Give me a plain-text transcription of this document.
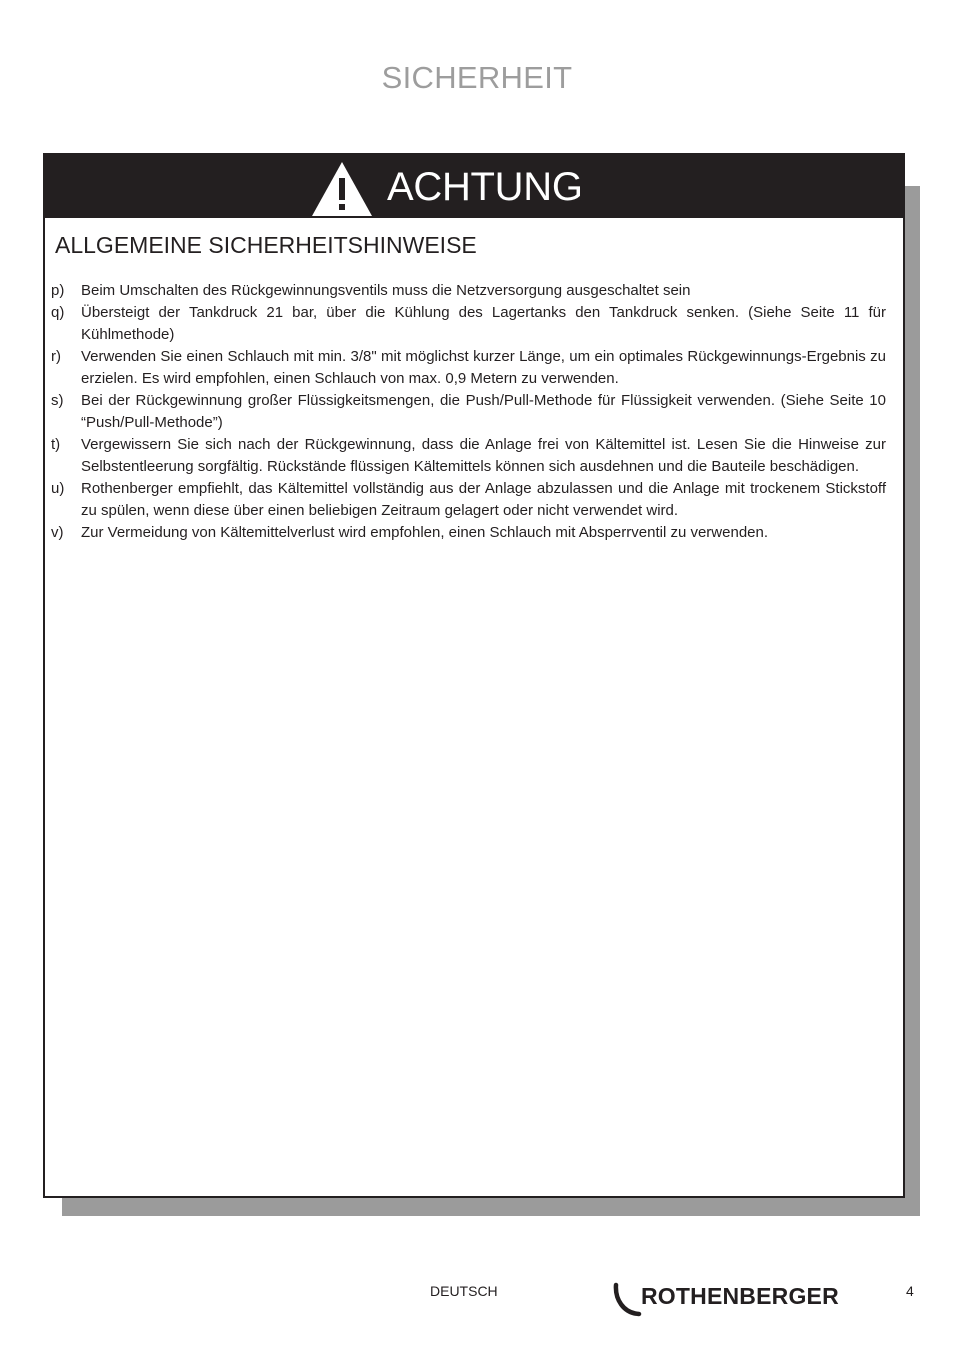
SICHERHEIT
ACHTUNG
ALLGEMEINE SICHERHEITSHINWEISE
p) Beim Umschalten des Rückgewinnungsventils muss die Netzversorgung ausgeschaltet sein
q) Übersteigt der Tankdruck 21 bar, über die Kühlung des Lagertanks den Tankdruck senken. (Siehe Seite 11 für Kühlmethode)
r) Verwenden Sie einen Schlauch mit min. 3/8" mit möglichst kurzer Länge, um ein optimales Rückgewinnungs-Ergebnis zu erzielen. Es wird empfohlen, einen Schlauch von max. 0,9 Metern zu verwenden.
s) Bei der Rückgewinnung großer Flüssigkeitsmengen, die Push/Pull-Methode für Flüssigkeit verwenden. (Siehe Seite 10 “Push/Pull-Methode”)
t) Vergewissern Sie sich nach der Rückgewinnung, dass die Anlage frei von Kältemittel ist. Lesen Sie die Hinweise zur Selbstentleerung sorgfältig. Rückstände flüssigen Kältemittels können sich ausdehnen und die Bauteile beschädigen.
u) Rothenberger empfiehlt, das Kältemittel vollständig aus der Anlage abzulassen und die Anlage mit trockenem Stickstoff zu spülen, wenn diese über einen beliebigen Zeitraum gelagert oder nicht verwendet wird.
v) Zur Vermeidung von Kältemittelverlust wird empfohlen, einen Schlauch mit Absperrventil zu verwenden.
DEUTSCH	ROTHENBERGER	4
